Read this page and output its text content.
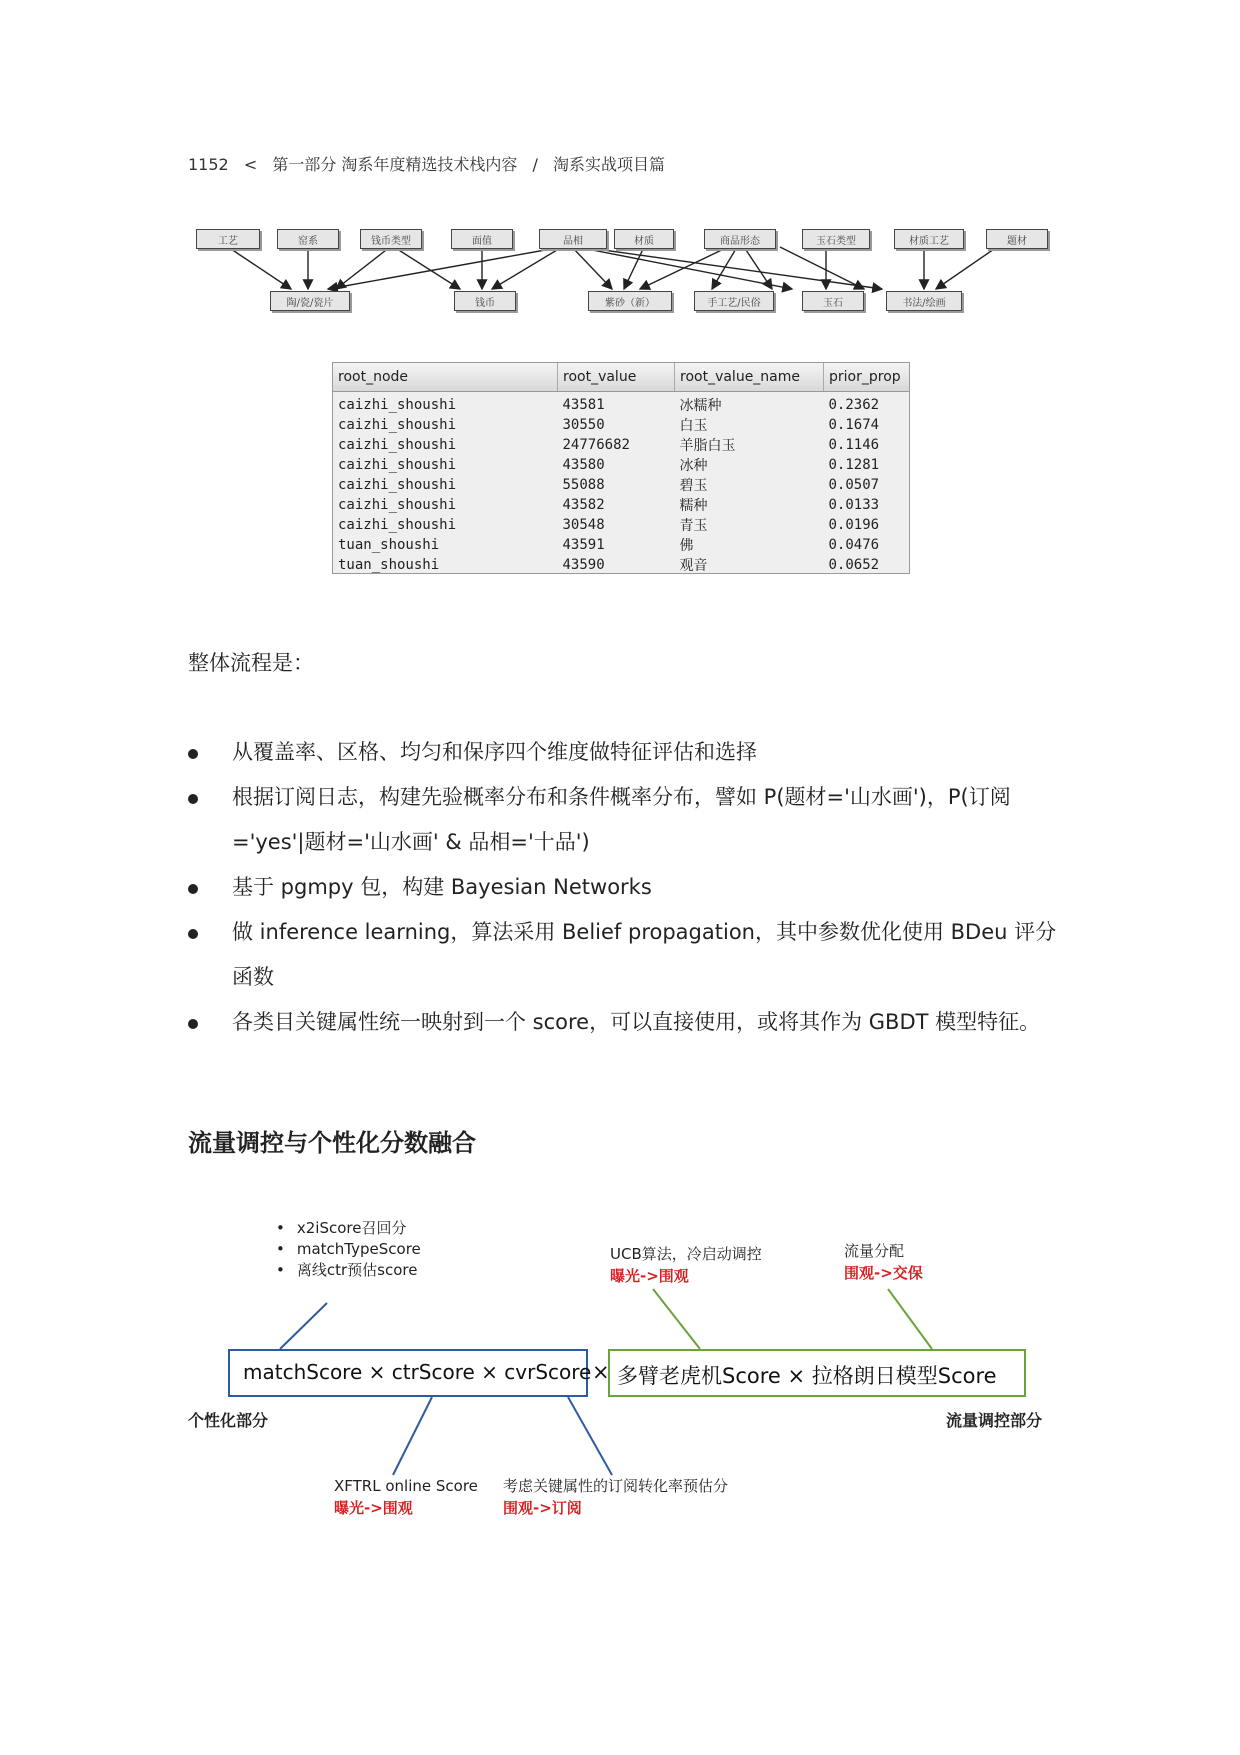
1152 < 第一部分 淘系年度精选技术栈内容 / 淘系实战项目篇
工艺	窑系	钱币类型	面值	品相	材质	商品形态	玉石类型	材质工艺	题材
陶/瓷/瓷片	钱币	紫砂（新）	手工艺/民俗	玉石	书法/绘画
root_node	root_value	root_value_name	prior_prop
caizhi_shoushi	43581	冰糯种	0.2362
caizhi_shoushi	30550	白玉	0.1674
caizhi_shoushi	24776682	羊脂白玉	0.1146
caizhi_shoushi	43580	冰种	0.1281
caizhi_shoushi	55088	碧玉	0.0507
caizhi_shoushi	43582	糯种	0.0133
caizhi_shoushi	30548	青玉	0.0196
tuan_shoushi	43591	佛	0.0476
tuan_shoushi	43590	观音	0.0652
整体流程是：
从覆盖率、区格、均匀和保序四个维度做特征评估和选择
根据订阅日志，构建先验概率分布和条件概率分布，譬如 P(题材='山水画')，P(订阅='yes'|题材='山水画' & 品相='十品')
基于 pgmpy 包，构建 Bayesian Networks
做 inference learning，算法采用 Belief propagation，其中参数优化使用 BDeu 评分函数
各类目关键属性统一映射到一个 score，可以直接使用，或将其作为 GBDT 模型特征。
流量调控与个性化分数融合
• x2iScore召回分
• matchTypeScore
• 离线ctr预估score
UCB算法，冷启动调控
曝光->围观
流量分配
围观->交保
matchScore × ctrScore × cvrScore × 多臂老虎机Score × 拉格朗日模型Score
个性化部分	流量调控部分
XFTRL online Score
曝光->围观
考虑关键属性的订阅转化率预估分
围观->订阅
